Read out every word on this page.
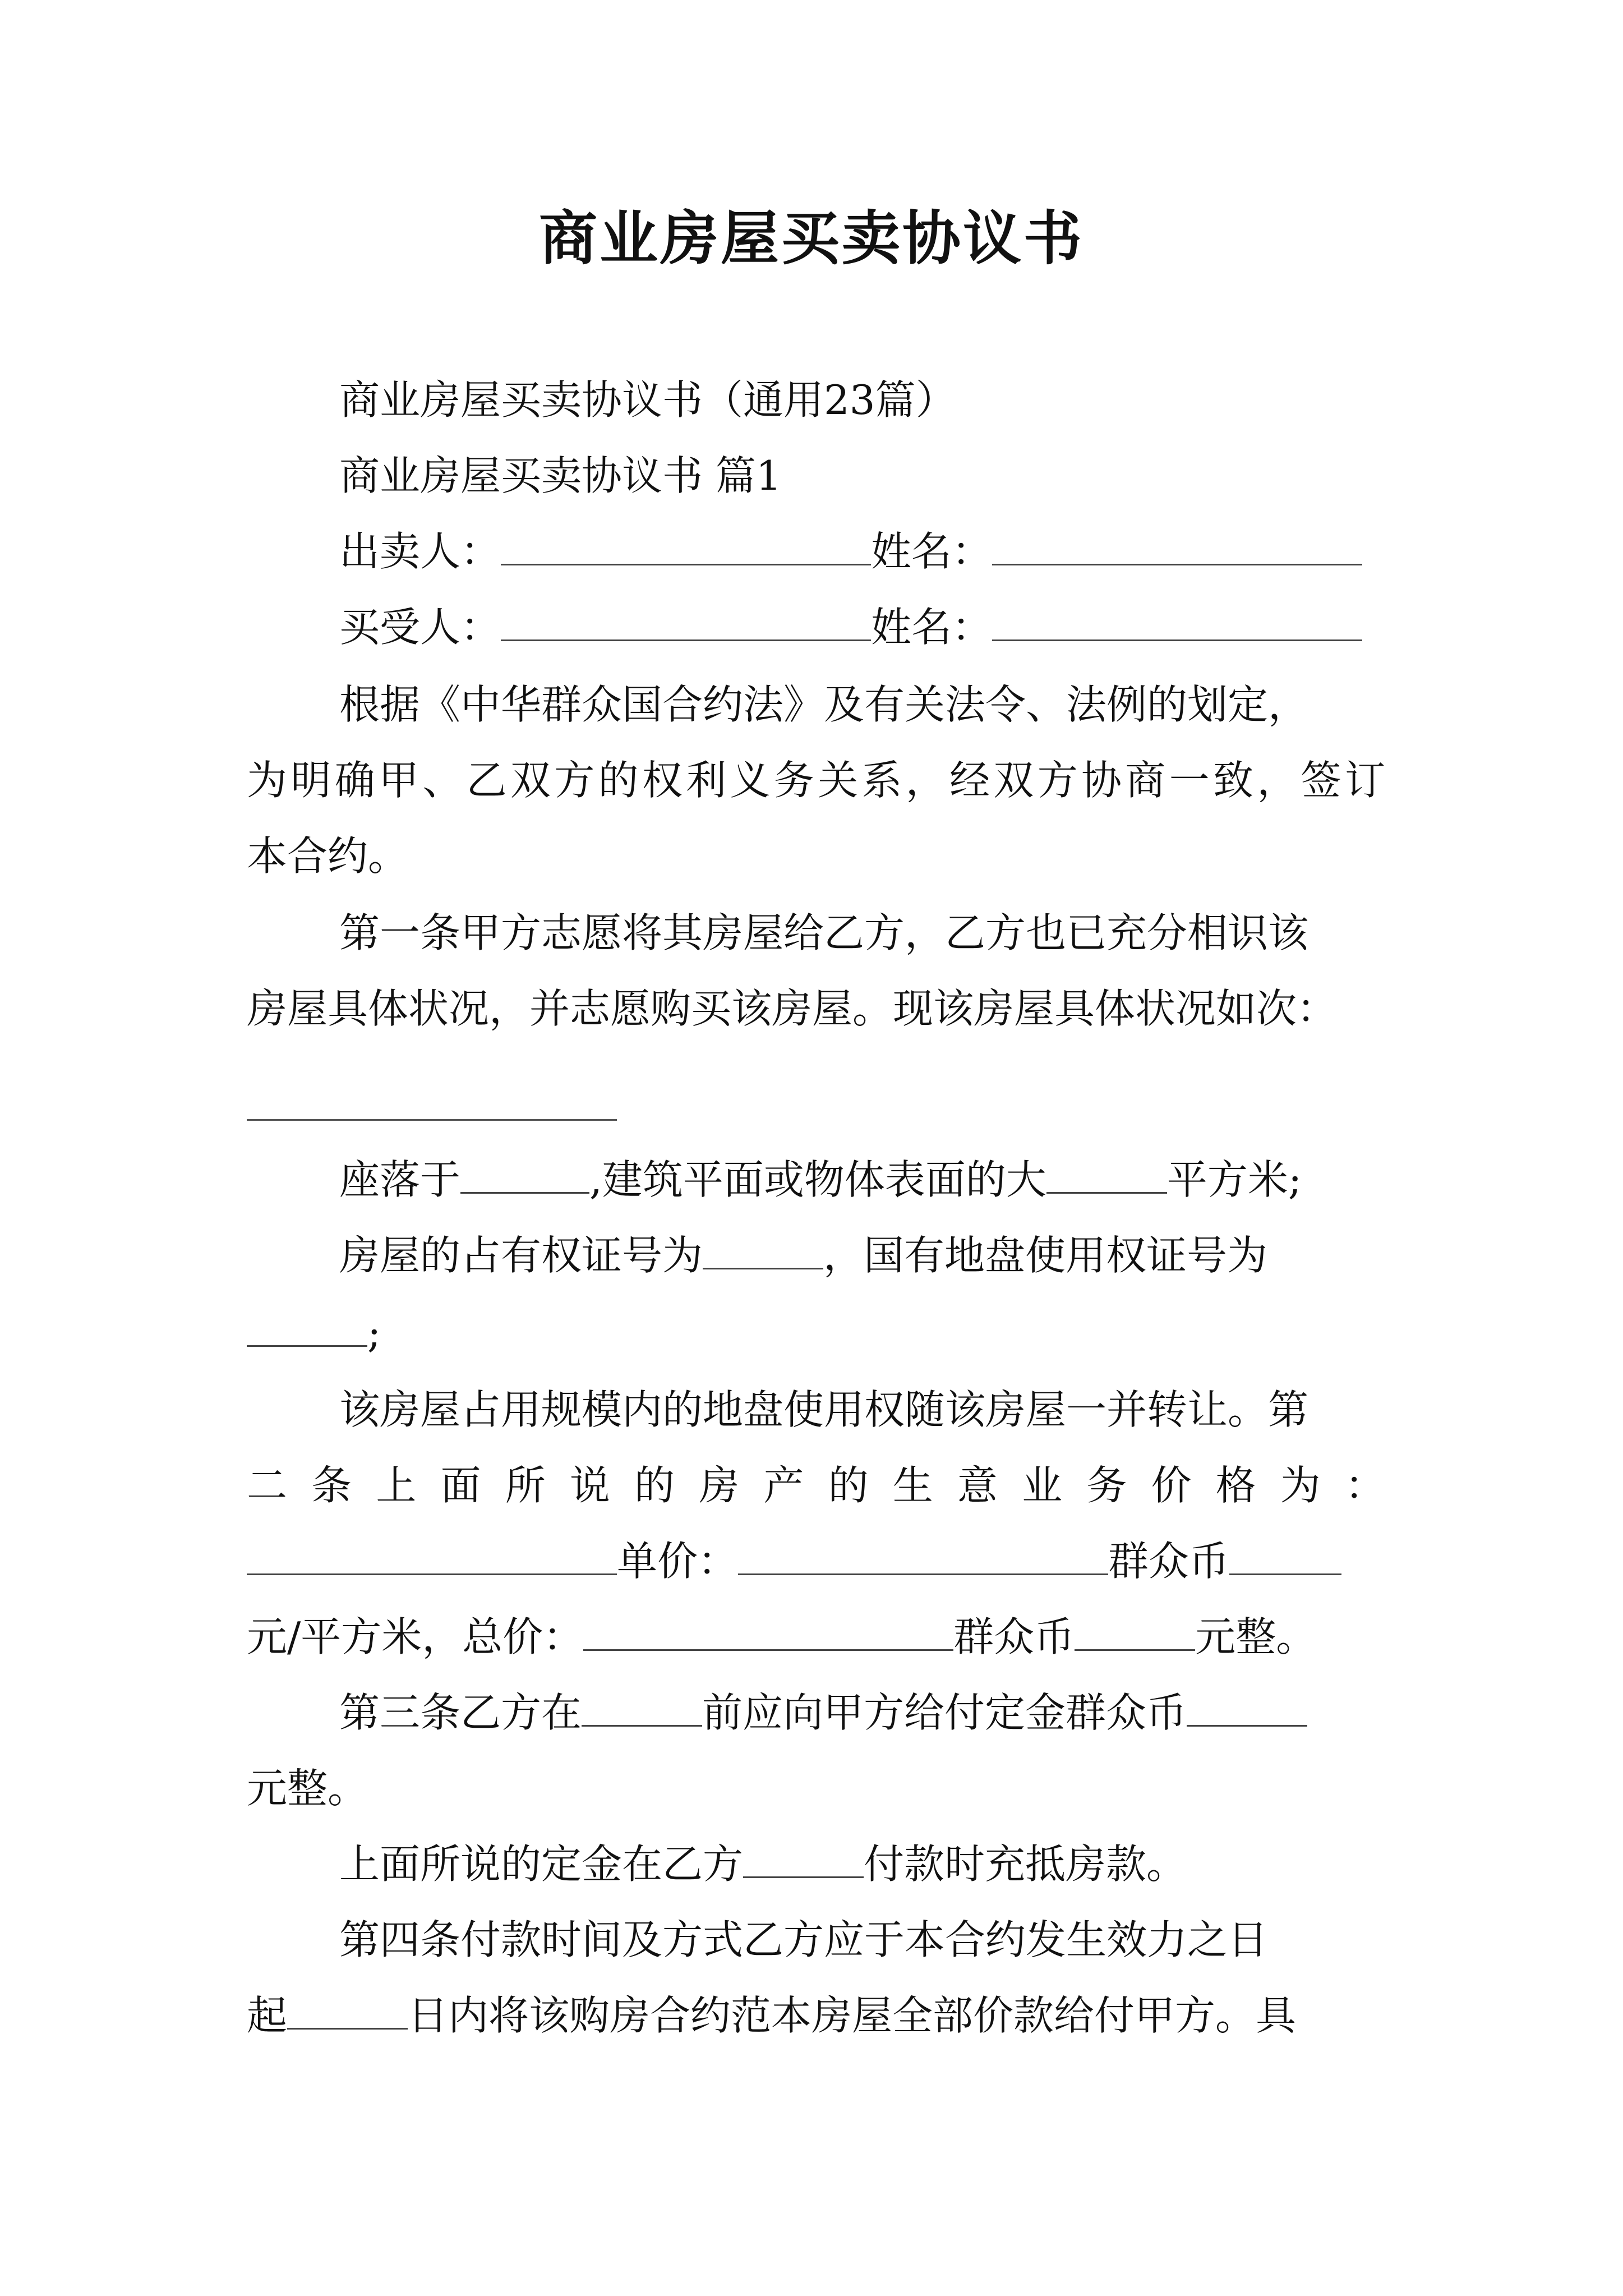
商业房屋买卖协议书
商业房屋买卖协议书（通用23篇）
商业房屋买卖协议书 篇1
出卖人：	姓名：
买受人：	姓名：
根据《中华群众国合约法》及有关法令、法例的划定，
为明确甲、乙双方的权利义务关系，经双方协商一致，签订
本合约。
第一条甲方志愿将其房屋给乙方，乙方也已充分相识该
房屋具体状况，并志愿购买该房屋。现该房屋具体状况如次：
座落于	,建筑平面或物体表面的大	平方米;
房屋的占有权证号为	，国有地盘使用权证号为
;
该房屋占用规模内的地盘使用权随该房屋一并转让。第
二条上面所说的房产的生意业务价格为：
单价：	群众币
元/平方米，总价：	群众币	元整。
第三条乙方在	前应向甲方给付定金群众币
元整。
上面所说的定金在乙方	付款时充抵房款。
第四条付款时间及方式乙方应于本合约发生效力之日
起	日内将该购房合约范本房屋全部价款给付甲方。具
